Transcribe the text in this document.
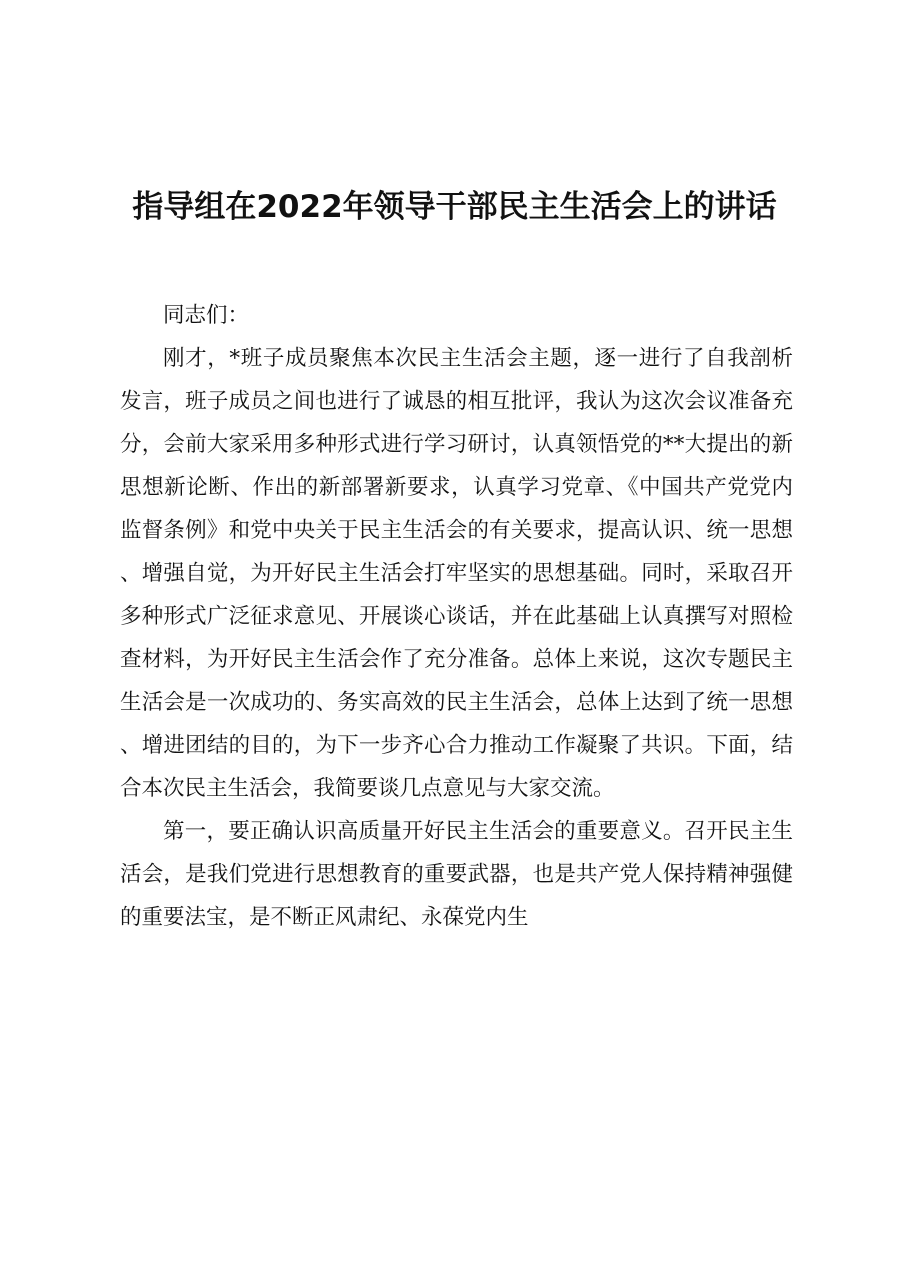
指导组在2022年领导干部民主生活会上的讲话

同志们：

刚才，*班子成员聚焦本次民主生活会主题，逐一进行了自我剖析发言，班子成员之间也进行了诚恳的相互批评，我认为这次会议准备充分，会前大家采用多种形式进行学习研讨，认真领悟党的**大提出的新思想新论断、作出的新部署新要求，认真学习党章、《中国共产党党内监督条例》和党中央关于民主生活会的有关要求，提高认识、统一思想、增强自觉，为开好民主生活会打牢坚实的思想基础。同时，采取召开多种形式广泛征求意见、开展谈心谈话，并在此基础上认真撰写对照检查材料，为开好民主生活会作了充分准备。总体上来说，这次专题民主生活会是一次成功的、务实高效的民主生活会，总体上达到了统一思想、增进团结的目的，为下一步齐心合力推动工作凝聚了共识。下面，结合本次民主生活会，我简要谈几点意见与大家交流。

第一，要正确认识高质量开好民主生活会的重要意义。召开民主生活会，是我们党进行思想教育的重要武器，也是共产党人保持精神强健的重要法宝，是不断正风肃纪、永葆党内生
